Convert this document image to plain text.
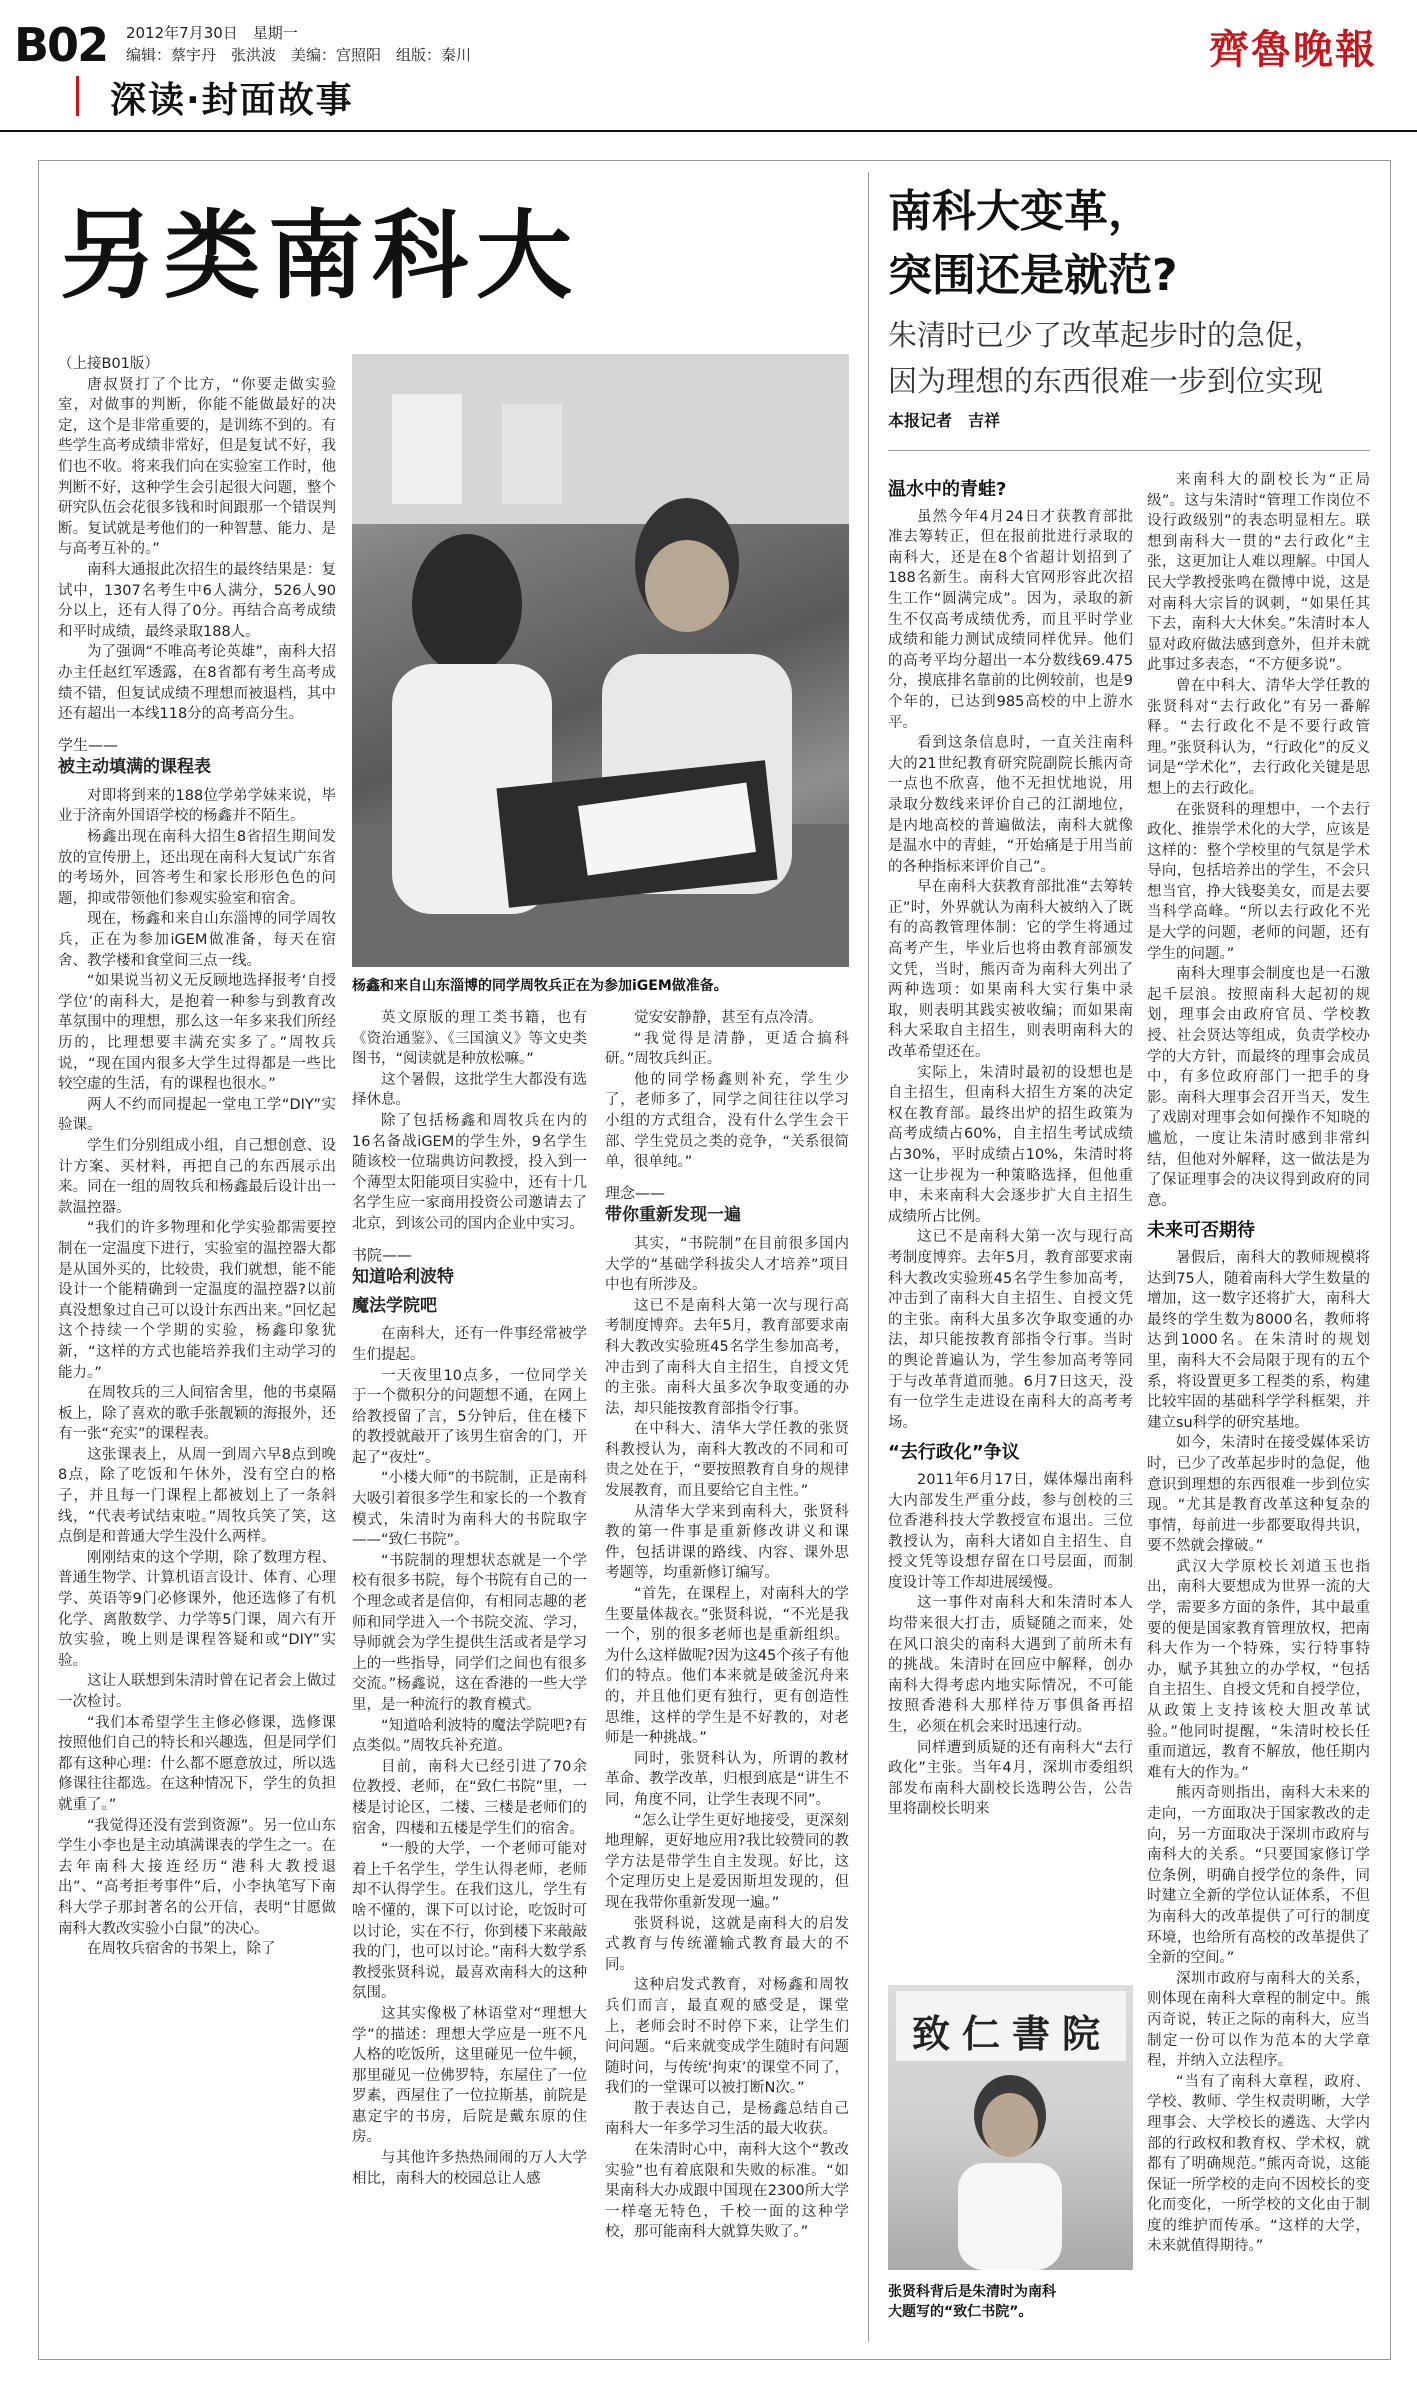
B02 2012年7月30日　星期一
编辑：蔡宇丹　张洪波　美编：宫照阳　组版：秦川	齊魯晚報
深读·封面故事
另类南科大
（上接B01版）

唐叔贤打了个比方，“你要走做实验室，对做事的判断，你能不能做最好的决定，这个是非常重要的，是训练不到的。有些学生高考成绩非常好，但是复试不好，我们也不收。将来我们向在实验室工作时，他判断不好，这种学生会引起很大问题，整个研究队伍会花很多钱和时间跟那一个错误判断。复试就是考他们的一种智慧、能力、是与高考互补的。”

南科大通报此次招生的最终结果是：复试中，1307名考生中6人满分，526人90分以上，还有人得了0分。再结合高考成绩和平时成绩，最终录取188人。

为了强调“不唯高考论英雄”，南科大招办主任赵红军透露，在8省都有考生高考成绩不错，但复试成绩不理想而被退档，其中还有超出一本线118分的高考高分生。

学生——
被主动填满的课程表

对即将到来的188位学弟学妹来说，毕业于济南外国语学校的杨鑫并不陌生。

杨鑫出现在南科大招生8省招生期间发放的宣传册上，还出现在南科大复试广东省的考场外，回答考生和家长形形色色的问题，抑或带领他们参观实验室和宿舍。

现在，杨鑫和来自山东淄博的同学周牧兵，正在为参加iGEM做准备，每天在宿舍、教学楼和食堂间三点一线。

“如果说当初义无反顾地选择报考‘自授学位’的南科大，是抱着一种参与到教育改革氛围中的理想，那么这一年多来我们所经历的，比理想要丰满充实多了。”周牧兵说，“现在国内很多大学生过得都是一些比较空虚的生活，有的课程也很水。”

两人不约而同提起一堂电工学“DIY”实验课。

学生们分别组成小组，自己想创意、设计方案、买材料，再把自己的东西展示出来。同在一组的周牧兵和杨鑫最后设计出一款温控器。

“我们的许多物理和化学实验都需要控制在一定温度下进行，实验室的温控器大都是从国外买的，比较贵，我们就想，能不能设计一个能精确到一定温度的温控器?以前真没想象过自己可以设计东西出来。”回忆起这个持续一个学期的实验，杨鑫印象犹新，“这样的方式也能培养我们主动学习的能力。”

在周牧兵的三人间宿舍里，他的书桌隔板上，除了喜欢的歌手张靓颖的海报外，还有一张“充实”的课程表。

这张课表上，从周一到周六早8点到晚8点，除了吃饭和午休外，没有空白的格子，并且每一门课程上都被划上了一条斜线，“代表考试结束啦。”周牧兵笑了笑，这点倒是和普通大学生没什么两样。

刚刚结束的这个学期，除了数理方程、普通生物学、计算机语言设计、体育、心理学、英语等9门必修课外，他还选修了有机化学、离散数学、力学等5门课，周六有开放实验，晚上则是课程答疑和或“DIY”实验。

这让人联想到朱清时曾在记者会上做过一次检讨。

“我们本希望学生主修必修课，选修课按照他们自己的特长和兴趣选，但是同学们都有这种心理：什么都不愿意放过，所以选修课往往都选。在这种情况下，学生的负担就重了。”

“我觉得还没有尝到资源”。另一位山东学生小李也是主动填满课表的学生之一。在去年南科大接连经历“港科大教授退出”、“高考拒考事件”后，小李执笔写下南科大学子那封著名的公开信，表明“甘愿做南科大教改实验小白鼠”的决心。

在周牧兵宿舍的书架上，除了

杨鑫和来自山东淄博的同学周牧兵正在为参加iGEM做准备。

英文原版的理工类书籍，也有《资治通鉴》、《三国演义》等文史类图书，“阅读就是种放松嘛。”

这个暑假，这批学生大都没有选择休息。

除了包括杨鑫和周牧兵在内的16名备战iGEM的学生外，9名学生随该校一位瑞典访问教授，投入到一个薄型太阳能项目实验中，还有十几名学生应一家商用投资公司邀请去了北京，到该公司的国内企业中实习。

书院——
知道哈利波特
魔法学院吧

在南科大，还有一件事经常被学生们提起。

一天夜里10点多，一位同学关于一个微积分的问题想不通，在网上给教授留了言，5分钟后，住在楼下的教授就敲开了该男生宿舍的门，开起了“夜灶”。

“小楼大师”的书院制，正是南科大吸引着很多学生和家长的一个教育模式，朱清时为南科大的书院取字——“致仁书院”。

“书院制的理想状态就是一个学校有很多书院，每个书院有自己的一个理念或者是信仰，有相同志趣的老师和同学进入一个书院交流、学习，导师就会为学生提供生活或者是学习上的一些指导，同学们之间也有很多交流。”杨鑫说，这在香港的一些大学里，是一种流行的教育模式。

“知道哈利波特的魔法学院吧?有点类似。”周牧兵补充道。

目前，南科大已经引进了70余位教授、老师，在“致仁书院”里，一楼是讨论区，二楼、三楼是老师们的宿舍，四楼和五楼是学生们的宿舍。

“一般的大学，一个老师可能对着上千名学生，学生认得老师，老师却不认得学生。在我们这儿，学生有啥不懂的，课下可以讨论，吃饭时可以讨论，实在不行，你到楼下来敲敲我的门，也可以讨论。”南科大数学系教授张贤科说，最喜欢南科大的这种氛围。

这其实像极了林语堂对“理想大学”的描述：理想大学应是一班不凡人格的吃饭所，这里碰见一位牛顿，那里碰见一位佛罗特，东屋住了一位罗素，西屋住了一位拉斯基，前院是惠定宇的书房，后院是戴东原的住房。

与其他许多热热闹闹的万人大学相比，南科大的校园总让人感

觉安安静静，甚至有点冷清。

“我觉得是清静，更适合搞科研。”周牧兵纠正。

他的同学杨鑫则补充，学生少了，老师多了，同学之间往往以学习小组的方式组合，没有什么学生会干部、学生党员之类的竞争，“关系很简单，很单纯。”

理念——
带你重新发现一遍

其实，“书院制”在目前很多国内大学的“基础学科拔尖人才培养”项目中也有所涉及。

这已不是南科大第一次与现行高考制度博弈。去年5月，教育部要求南科大教改实验班45名学生参加高考，冲击到了南科大自主招生，自授文凭的主张。南科大虽多次争取变通的办法，却只能按教育部指令行事。

在中科大、清华大学任教的张贤科教授认为，南科大教改的不同和可贵之处在于，“要按照教育自身的规律发展教育，而且要给它自主性。”

从清华大学来到南科大，张贤科教的第一件事是重新修改讲义和课件，包括讲课的路线、内容、课外思考题等，均重新修订编写。

“首先，在课程上，对南科大的学生要量体裁衣。”张贤科说，“不光是我一个，别的很多老师也是重新组织。为什么这样做呢?因为这45个孩子有他们的特点。他们本来就是破釜沉舟来的，并且他们更有独行，更有创造性思维，这样的学生是不好教的，对老师是一种挑战。”

同时，张贤科认为，所谓的教材革命、教学改革，归根到底是“讲生不同，角度不同，让学生表现不同”。

“怎么让学生更好地接受，更深刻地理解，更好地应用?我比较赞同的教学方法是带学生自主发现。好比，这个定理历史上是爱因斯坦发现的，但现在我带你重新发现一遍。”

张贤科说，这就是南科大的启发式教育与传统灌输式教育最大的不同。

这种启发式教育，对杨鑫和周牧兵们而言，最直观的感受是，课堂上，老师会时不时停下来，让学生们问问题。“后来就变成学生随时有问题随时问，与传统‘拘束’的课堂不同了，我们的一堂课可以被打断N次。”

散于表达自己，是杨鑫总结自己南科大一年多学习生活的最大收获。

在朱清时心中，南科大这个“教改实验”也有着底限和失败的标准。“如果南科大办成跟中国现在2300所大学一样毫无特色，千校一面的这种学校，那可能南科大就算失败了。”

南科大变革，
突围还是就范?
朱清时已少了改革起步时的急促，
因为理想的东西很难一步到位实现
本报记者　吉祥
温水中的青蛙?

虽然今年4月24日才获教育部批准去筹转正，但在报前批进行录取的南科大，还是在8个省超计划招到了188名新生。南科大官网形容此次招生工作“圆满完成”。因为，录取的新生不仅高考成绩优秀，而且平时学业成绩和能力测试成绩同样优异。他们的高考平均分超出一本分数线69.475分，摸底排名靠前的比例较前，也是9个年的，已达到985高校的中上游水平。

看到这条信息时，一直关注南科大的21世纪教育研究院副院长熊丙奇一点也不欣喜，他不无担忧地说，用录取分数线来评价自己的江湖地位，是内地高校的普遍做法，南科大就像是温水中的青蛙，“开始痛是于用当前的各种指标来评价自己”。

早在南科大获教育部批准“去筹转正”时，外界就认为南科大被纳入了既有的高教管理体制：它的学生将通过高考产生，毕业后也将由教育部颁发文凭，当时，熊丙奇为南科大列出了两种选项：如果南科大实行集中录取，则表明其践实被收编；而如果南科大采取自主招生，则表明南科大的改革希望还在。

实际上，朱清时最初的设想也是自主招生，但南科大招生方案的决定权在教育部。最终出炉的招生政策为高考成绩占60%，自主招生考试成绩占30%，平时成绩占10%，朱清时将这一让步视为一种策略选择，但他重申，未来南科大会逐步扩大自主招生成绩所占比例。

这已不是南科大第一次与现行高考制度博弈。去年5月，教育部要求南科大教改实验班45名学生参加高考，冲击到了南科大自主招生、自授文凭的主张。南科大虽多次争取变通的办法，却只能按教育部指令行事。当时的舆论普遍认为，学生参加高考等同于与改革背道而驰。6月7日这天，没有一位学生走进设在南科大的高考考场。

“去行政化”争议

2011年6月17日，媒体爆出南科大内部发生严重分歧，参与创校的三位香港科技大学教授宣布退出。三位教授认为，南科大诸如自主招生、自授文凭等设想存留在口号层面，而制度设计等工作却进展缓慢。

这一事件对南科大和朱清时本人均带来很大打击，质疑随之而来，处在风口浪尖的南科大遇到了前所未有的挑战。朱清时在回应中解释，创办南科大得考虑内地实际情况，不可能按照香港科大那样待万事俱备再招生，必须在机会来时迅速行动。

同样遭到质疑的还有南科大“去行政化”主张。当年4月，深圳市委组织部发布南科大副校长选聘公告，公告里将副校长明来

致仁書院
张贤科背后是朱清时为南科
大题写的“致仁书院”。

来南科大的副校长为“正局级”。这与朱清时“管理工作岗位不设行政级别”的表态明显相左。联想到南科大一贯的“去行政化”主张，这更加让人难以理解。中国人民大学教授张鸣在微博中说，这是对南科大宗旨的讽刺，“如果任其下去，南科大大休矣。”朱清时本人显对政府做法感到意外，但并未就此事过多表态，“不方便多说”。

曾在中科大、清华大学任教的张贤科对“去行政化”有另一番解释。“去行政化不是不要行政管理。”张贤科认为，“行政化”的反义词是“学术化”，去行政化关键是思想上的去行政化。

在张贤科的理想中，一个去行政化、推崇学术化的大学，应该是这样的：整个学校里的气氛是学术导向，包括培养出的学生，不会只想当官，挣大钱娶美女，而是去要当科学高峰。“所以去行政化不光是大学的问题，老师的问题，还有学生的问题。”

南科大理事会制度也是一石激起千层浪。按照南科大起初的规划，理事会由政府官员、学校教授、社会贤达等组成，负责学校办学的大方针，而最终的理事会成员中，有多位政府部门一把手的身影。南科大理事会召开当天，发生了戏剧对理事会如何操作不知晓的尴尬，一度让朱清时感到非常纠结，但他对外解释，这一做法是为了保证理事会的决议得到政府的同意。

未来可否期待

暑假后，南科大的教师规模将达到75人，随着南科大学生数量的增加，这一数字还将扩大，南科大最终的学生数为8000名，教师将达到1000名。在朱清时的规划里，南科大不会局限于现有的五个系，将设置更多工程类的系，构建比较牢固的基础科学学科框架，并建立su科学的研究基地。

如今，朱清时在接受媒体采访时，已少了改革起步时的急促，他意识到理想的东西很难一步到位实现。“尤其是教育改革这种复杂的事情，每前进一步都要取得共识，要不然就会撑破。”

武汉大学原校长刘道玉也指出，南科大要想成为世界一流的大学，需要多方面的条件，其中最重要的便是国家教育管理放权，把南科大作为一个特殊，实行特事特办，赋予其独立的办学权，“包括自主招生、自授文凭和自授学位，从政策上支持该校大胆改革试验。”他同时提醒，“朱清时校长任重而道远，教育不解放，他任期内难有大的作为。”

熊丙奇则指出，南科大未来的走向，一方面取决于国家教改的走向，另一方面取决于深圳市政府与南科大的关系。“只要国家修订学位条例，明确自授学位的条件，同时建立全新的学位认证体系，不但为南科大的改革提供了可行的制度环境，也给所有高校的改革提供了全新的空间。”

深圳市政府与南科大的关系，则体现在南科大章程的制定中。熊丙奇说，转正之际的南科大，应当制定一份可以作为范本的大学章程，并纳入立法程序。

“当有了南科大章程，政府、学校、教师、学生权责明晰，大学理事会、大学校长的遴选、大学内部的行政权和教育权、学术权，就都有了明确规范。”熊丙奇说，这能保证一所学校的走向不因校长的变化而变化，一所学校的文化由于制度的维护而传承。“这样的大学，未来就值得期待。”
